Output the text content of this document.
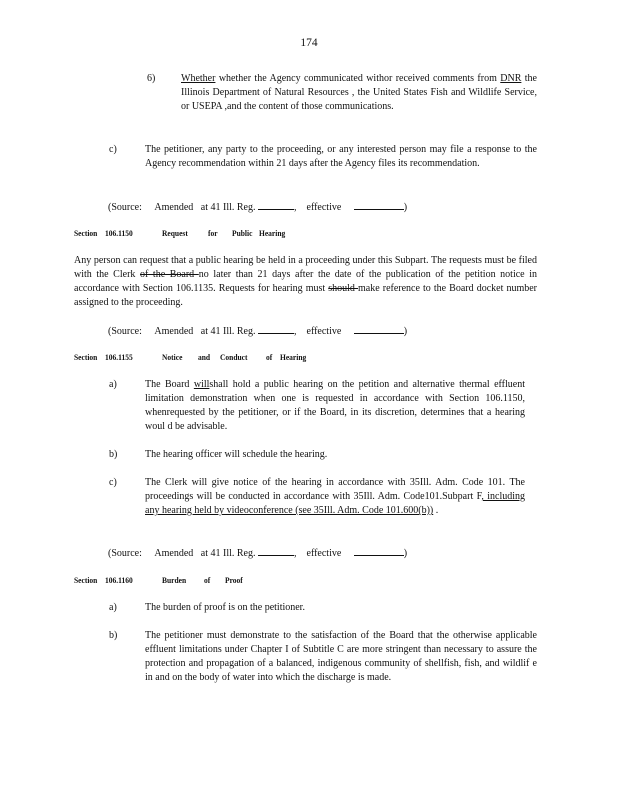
174
6)	Whether whether the Agency communicated withor received comments from DNR the Illinois Department of Natural Resources , the United States Fish and Wildlife Service, or USEPA ,and the content of those communications.
c)	The petitioner, any party to the proceeding, or any interested person may file a response to the Agency recommendation within 21 days after the Agency files its recommendation.
(Source: Amended at 41 Ill. Reg.	, effective	)
Section 106.1150	Request	for Public Hearing
Any person can request that a public hearing be held in a proceeding under this Subpart. The requests must be filed with the Clerk of the Board no later than 21 days after the date of the publication of the petition notice in accordance with Section 106.1135. Requests for hearing must should make reference to the Board docket number assigned to the proceeding.
(Source: Amended at 41 Ill. Reg.	, effective	)
Section 106.1155	Notice and Conduct of Hearing
a)	The Board willshall hold a public hearing on the petition and alternative thermal effluent limitation demonstration when one is requested in accordance with Section 106.1150, whenrequested by the petitioner, or if the Board, in its discretion, determines that a hearing woul d be advisable.
b)	The hearing officer will schedule the hearing.
c)	The Clerk will give notice of the hearing in accordance with 35Ill. Adm. Code 101. The proceedings will be conducted in accordance with 35Ill. Adm. Code101.Subpart F, including any hearing held by videoconference (see 35Ill. Adm. Code 101.600(b)) .
(Source: Amended at 41 Ill. Reg.	, effective	)
Section 106.1160	Burden of Proof
a)	The burden of proof is on the petitioner.
b)	The petitioner must demonstrate to the satisfaction of the Board that the otherwise applicable effluent limitations under Chapter I of Subtitle C are more stringent than necessary to assure the protection and propagation of a balanced, indigenous community of shellfish, fish, and wildlif e in and on the body of water into which the discharge is made.
